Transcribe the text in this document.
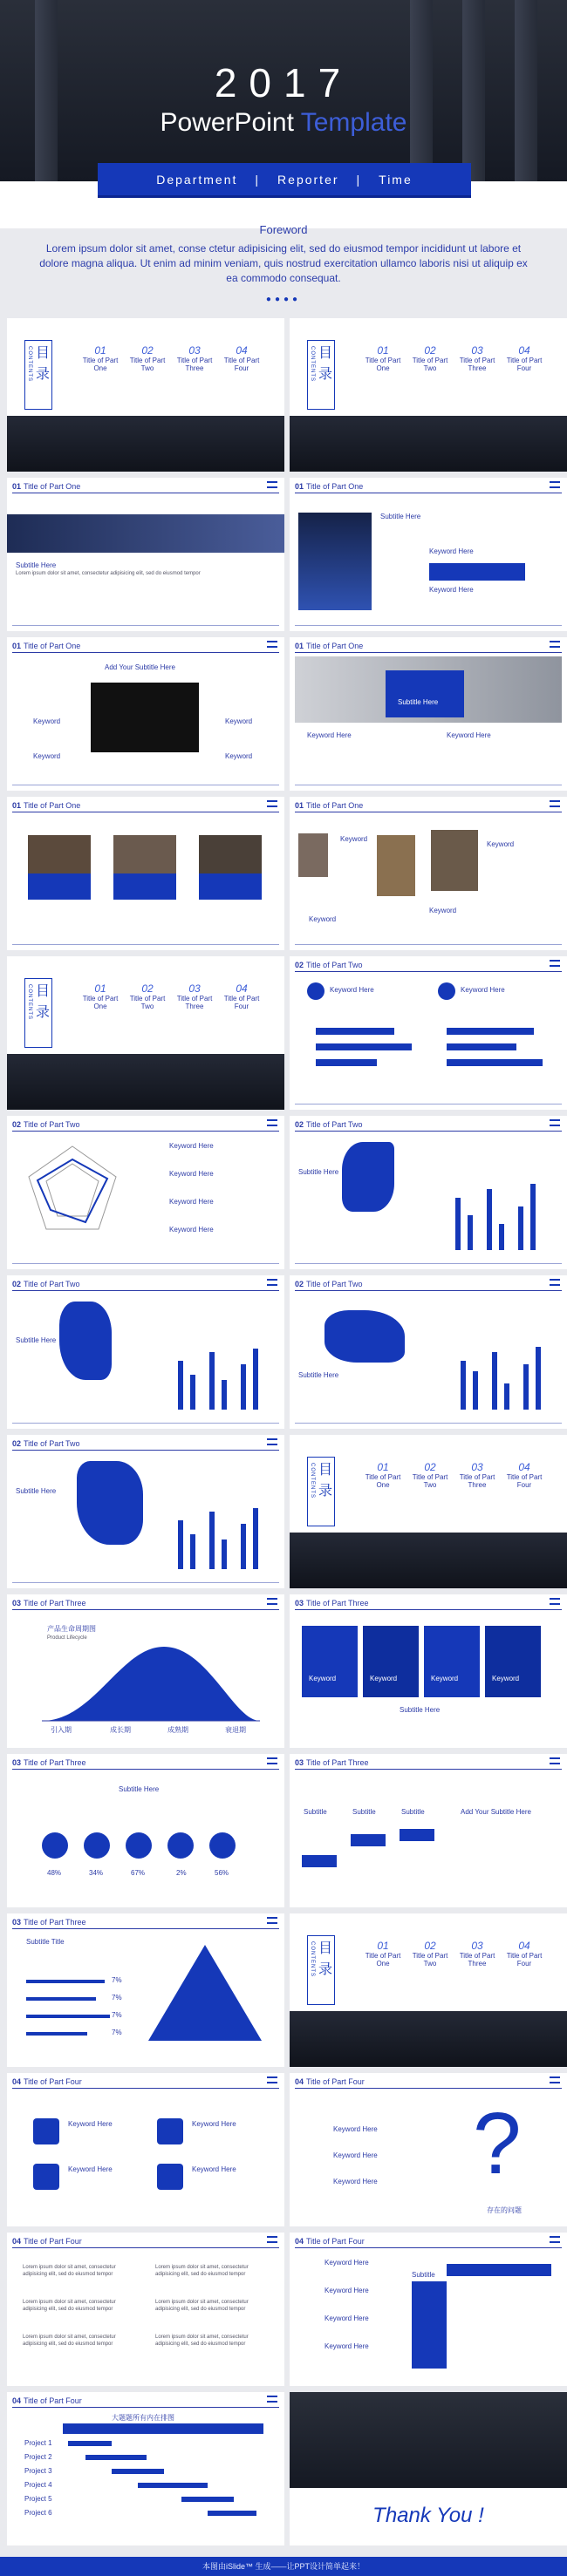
2017
PowerPoint Template
Department | Reporter | Time
Foreword

Lorem ipsum dolor sit amet, conse ctetur adipisicing elit, sed do eiusmod tempor incididunt ut labore et dolore magna aliqua. Ut enim ad minim veniam, quis nostrud exercitation ullamco laboris nisi ut aliquip ex ea commodo consequat.

●●●●
CONTENTS 目

录
01
Title of Part One
02
Title of Part Two
03
Title of Part Three
04
Title of Part Four	CONTENTS 目
录
01
Title of Part One
02
Title of Part Two
03
Title of Part Three
04
Title of Part Four
01 Title of Part One
Subtitle Here
Lorem ipsum dolor sit amet, consectetur adipisicing elit, sed do eiusmod tempor
01 Title of Part One
Subtitle Here
Keyword Here
Keyword Here
01 Title of Part One
Add Your Subtitle Here
Keyword	Keyword
Keyword	Keyword
01 Title of Part One
Subtitle Here
Keyword Here	Keyword Here
01 Title of Part One	01 Title of Part One
Keyword
Keyword
Keyword
Keyword
CONTENTS 目
录
01
Title of Part One
02
Title of Part Two
03
Title of Part Three
04
Title of Part Four
02 Title of Part Two
Keyword Here	Keyword Here
02 Title of Part Two
Keyword Here
Keyword Here
Keyword Here
Keyword Here
02 Title of Part Two
Subtitle Here
02 Title of Part Two
Subtitle Here
02 Title of Part Two
Subtitle Here
02 Title of Part Two
Subtitle Here	CONTENTS 目
录
01
Title of Part One
02
Title of Part Two
03
Title of Part Three
04
Title of Part Four
03 Title of Part Three
产品生命周期图
Product Lifecycle
引入期	成长期	成熟期	衰退期
03 Title of Part Three
Keyword	Keyword	Keyword	Keyword
Subtitle Here
03 Title of Part Three
Subtitle Here
48%	34%	67%	2%	56%
03 Title of Part Three
Subtitle	Subtitle	Subtitle	Add Your Subtitle Here
03 Title of Part Three
Subtitle Title
7%
7%
7%
7%
CONTENTS 目
录
01
Title of Part One
02
Title of Part Two
03
Title of Part Three
04
Title of Part Four
04 Title of Part Four
Keyword Here	Keyword Here
Keyword Here	Keyword Here
04 Title of Part Four
Keyword Here
Keyword Here
Keyword Here ?
存在的问题
04 Title of Part Four
Lorem ipsum dolor sit amet, consectetur adipisicing elit, sed do eiusmod tempor
Lorem ipsum dolor sit amet, consectetur adipisicing elit, sed do eiusmod tempor
Lorem ipsum dolor sit amet, consectetur adipisicing elit, sed do eiusmod tempor
Lorem ipsum dolor sit amet, consectetur adipisicing elit, sed do eiusmod tempor
Lorem ipsum dolor sit amet, consectetur adipisicing elit, sed do eiusmod tempor
Lorem ipsum dolor sit amet, consectetur adipisicing elit, sed do eiusmod tempor
04 Title of Part Four
Keyword Here
Keyword Here
Keyword Here
Keyword Here
Subtitle
04 Title of Part Four
大题题所有内在排图
Project 1
Project 2
Project 3
Project 4
Project 5
Project 6	Thank You !
本图由iSlide™ 生成——让PPT设计简单起来！
